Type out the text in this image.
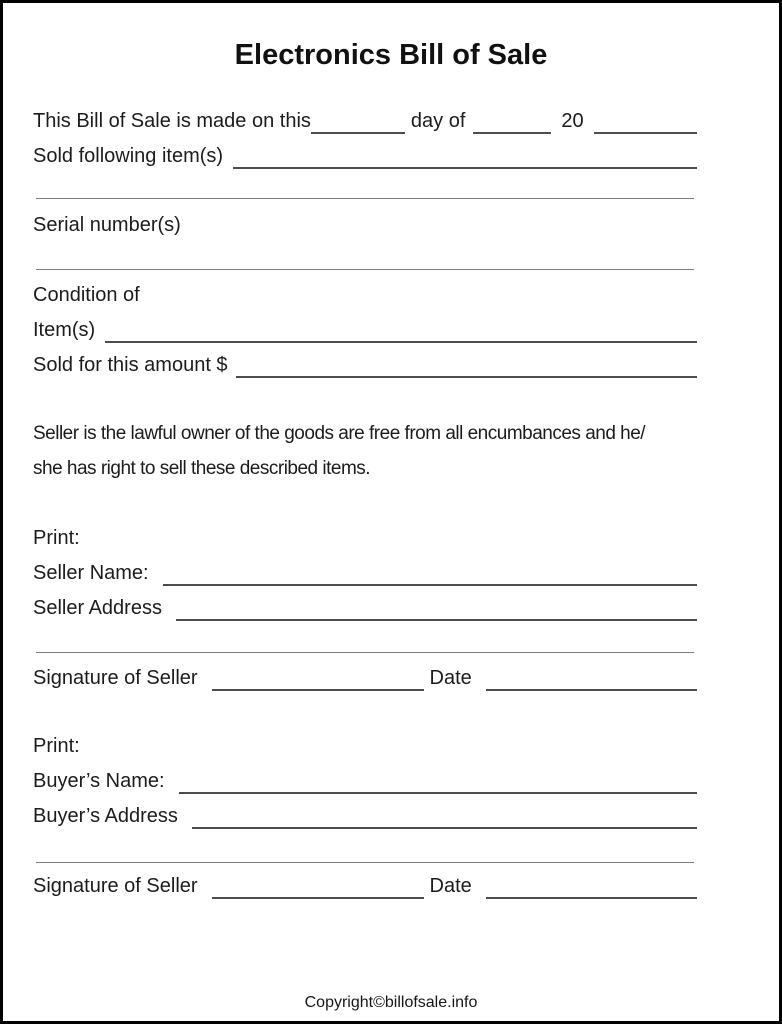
Electronics Bill of Sale
This Bill of Sale is made on this	day of	20
Sold following item(s)
Serial number(s)
Condition of
Item(s)
Sold for this amount $
Seller is the lawful owner of the goods are free from all encumbances and he/
she has right to sell these described items.
Print:
Seller Name:
Seller Address
Signature of Seller	Date
Print:
Buyer’s Name:
Buyer’s Address
Signature of Seller	Date
Copyright©billofsale.info
